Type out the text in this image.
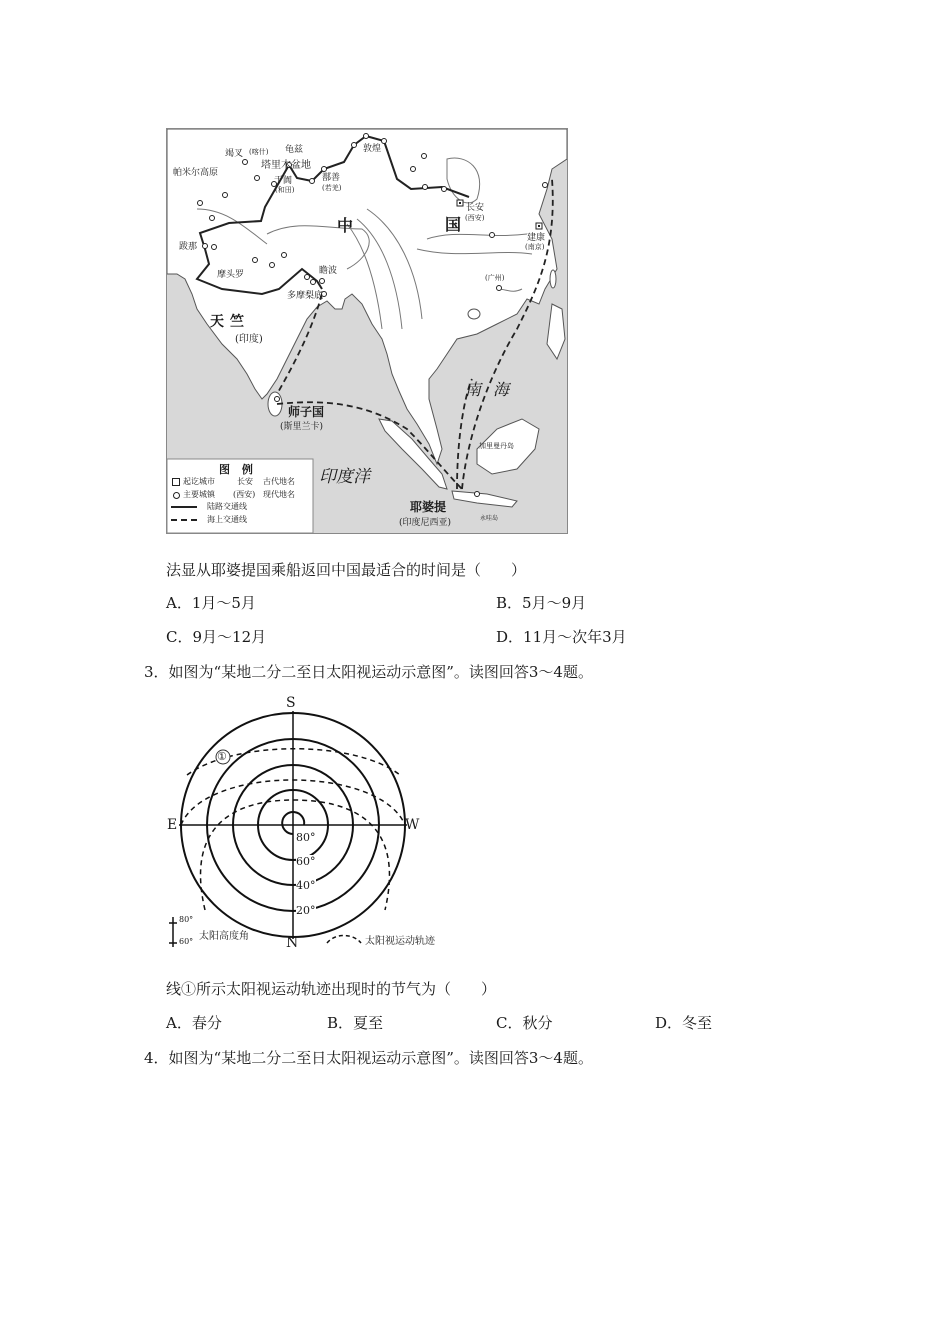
竭叉 (喀什) 龟兹
塔里木盆地
帕米尔高原
于阗
(和田)
敦煌
鄯善
(若羌)
长安
(西安)
中	国
建康
(南京)
(广州)
跋那
摩头罗	瞻波
多摩梨底
天竺
(印度)
师子国
(斯里兰卡)
印度洋
南海
加里曼丹岛
耶婆提
(印度尼西亚)	永哇岛
图 例
起讫城市	长安 古代地名
主要城镇 (西安) 现代地名
陆路交通线
海上交通线
法显从耶婆提国乘船返回中国最适合的时间是（　　）
A．1月～5月	B．5月～9月
C．9月～12月	D．11月～次年3月
3．如图为“某地二分二至日太阳视运动示意图”。读图回答3～4题。
S
N
E	W
①
80°
60°
40°
20°
80°
60° 太阳高度角	太阳视运动轨迹
线①所示太阳视运动轨迹出现时的节气为（　　）
A．春分	B．夏至	C．秋分	D．冬至
4．如图为“某地二分二至日太阳视运动示意图”。读图回答3～4题。
